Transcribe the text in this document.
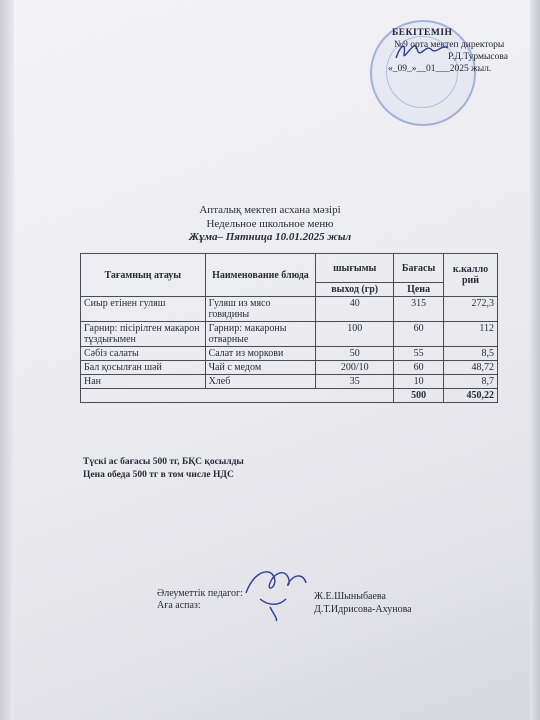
БЕКІТЕМІН
№9 орта мектеп директоры
Р.Д.Турмысова
«_09_»__01___2025 жыл.
Апталық мектеп асхана мәзірі
Недельное школьное меню
Жұма– Пятница 10.01.2025 жыл
Тағамның атауы	Наименование блюда	шығымы	Бағасы	к.калло рий
		выход (гр)	Цена	
Сиыр етінен гуляш	Гуляш из мясо говядины	40	315	272,3
Гарнир: пісірілген макарон тұздығымен	Гарнир: макароны отварные	100	60	112
Сәбіз салаты	Салат из моркови	50	55	8,5
Бал қосылған шәй	Чай с медом	200/10	60	48,72
Нан	Хлеб	35	10	8,7
			500	450,22
Түскі ас бағасы 500 тг, БҚС қосылды
Цена обеда 500 тг в том числе НДС
Әлеуметтік педагог:
Аға аспаз:
Ж.Е.Шыныбаева
Д.Т.Идрисова-Ахунова
